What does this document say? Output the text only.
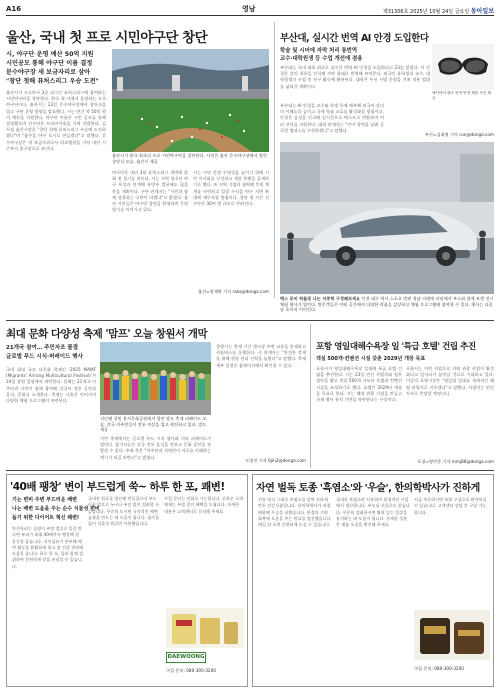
A16	영남	제31306호 2025년 10월 24일 금요일 동아일보
울산, 국내 첫 프로 시민야구단 창단
시, 야구단 운영 예산 50억 지원
시민공모 통해 야구단 이름 결정
문수야구장 새 보금자리로 삼아
"창단 첫해 퓨처스리그 우승 도전"
울산시가 프로야구 2군 리그인 퓨처스리그에 참여하는 시민야구단을 창단한다. 한국 첫 시에서 운영하는 프로야구단이다. 울산시는 23일 문수야구장에서 창단식을 열고 구단 운영 방향을 발표했다. 시는 연간 약 50억 원의 예산을 지원한다. 야구단 이름은 시민 공모를 통해 결정했으며 선수단은 트라이아웃을 거쳐 선발한다. 김두겸 울산시장은 "창단 첫해 퓨처스리그 우승에 도전하겠다"며 "울산을 야구 도시로 만들겠다"고 말했다. 문수야구장은 새 보금자리로서 리모델링을 거쳐 내년 시즌부터 홈구장으로 쓰인다.
울산시가 한국 최초의 프로 시민야구단을 창단한다. 사진은 울산 문수야구장에서 열린 창단식 모습. 울산시 제공
야구단은 내년 3월 퓨처스리그 개막에 맞춰 첫 경기를 치른다. 시는 지역 청소년 야구 육성과 연계해 유망주 발굴에도 힘을 쏟을 계획이다. 구단 관계자는 "시민과 함께 성장하는 구단이 되겠다"고 밝혔다. 울산 시민들은 야구단 창단을 환영하며 응원 열기를 이어가고 있다.
시는 구단 운영 투명성을 높이기 위해 시민 이사회를 구성하고 재정 현황을 공개하기로 했다. 또 지역 기업과 협력해 후원 체계를 마련하고 입장 수익을 야구 저변 확대에 재투자할 방침이다. 창단 첫 시즌 선수단은 30여 명 규모로 꾸려진다.
울산=정재락 기자 raks@donga.com
부산대, 실시간 번역 AI 안경 도입한다
학술 및 시어에 자막 처리 통번역
교수·대학원생 등 수업 개선에 겸용
부산대는 국내 대학 최초로 실시간 번역 AI 안경을 도입한다고 23일 밝혔다. 이 안경은 강의 내용을 인식해 자막 형태로 번역해 보여준다. 외국인 유학생과 교수, 대학원생의 수업 및 연구 활동에 활용된다. 대학은 우선 시범 운영을 거쳐 적용 범위를 넓혀갈 계획이다.
에이아이 렌즈 번역 안경 제품 사진 제공
부산대는 AI 안경을 교수와 학생 등에 배부해 외국어 강의의 이해도를 높이고 국제 학술 교류를 활성화할 방침이다. 안경은 음성을 인식해 실시간으로 텍스트로 변환하며 여러 언어를 지원한다. 대학 관계자는 "언어 장벽을 낮춰 글로벌 캠퍼스를 구현하겠다"고 말했다.
부산=김화영 기자 run@donga.com
맥스 포비 허들링 나는 지중학 구경꽤보세요 인천 대구 역사 스포츠 벌판 경남 의령에 마당에서 부스와 함께 보행 전시 체험 행사가 열린다. 방문객들은 야외 공간에서 다양한 작품을 감상하고 체험 프로그램에 참여할 수 있다. 행사는 다음 달 초까지 이어진다.
최대 문화 다양성 축제 '맘프' 오늘 창원서 개막
21개국 참여… 주민자조 물결
글로벌 푸드 시식·퍼레이드 행사
국내 최대 규모 다문화 축제인 '2025 MAMF (Migrants' Arirang Multicultural Festival)'가 24일 창원 일원에서 개막한다. 올해는 21개국 이주민과 시민이 함께 참여해 각국의 전통 공연과 음식, 문화를 소개한다. 축제는 사흘간 이어지며 다양한 체험 프로그램이 마련된다.
지난해 창원 용지문화공원에서 열린 맘프 축제 퍼레이드 모습. 각국 이주민들이 전통 의상을 입고 행진하고 있다. 맘프 제공
이번 축제에서는 글로벌 푸드 시식 행사와 거리 퍼레이드가 열린다. 참가자들은 각국 전통 음식을 맛보고 문화 공연을 관람할 수 있다. 주최 측은 "이주민과 지역민이 서로를 이해하는 계기가 되길 바란다"고 밝혔다.
창원시는 축제 기간 행사장 주변 교통을 통제하고 셔틀버스를 운행한다. 시 관계자는 "안전한 축제를 위해 현장 관리 인력을 늘렸다"고 말했다. 축제 세부 일정은 홈페이지에서 확인할 수 있다.
도영진 기자 0jin2@donga.com
포항 영일대해수욕장 일 '특급 호텔' 건립 추진
객실 500개·컨벤션 시설 갖춘 2029년 개장 목표
포항시가 영일대해수욕장 일대에 특급 호텔 건립을 추진한다. 시는 23일 민간 사업자와 업무협약을 맺고 객실 500개 규모의 호텔과 컨벤션 시설을 조성하기로 했다. 호텔은 2029년 개장을 목표로 한다. 시는 해양 관광 거점을 만들고 국제 행사 유치 기반을 마련한다는 구상이다.
포항시는 이번 사업으로 지역 관광 산업이 활성화되고 일자리가 늘어날 것으로 기대하고 있다. 이강덕 포항시장은 "영일대 일대를 세계적인 해양 관광지로 키우겠다"고 말했다. 사업비는 민간 투자로 충당할 예정이다.
포항=명민준 기자 mmj86@donga.com
'40배 팽창' 변이 부드럽게 쑥~ 하루 한 포, 쾌변!
기는 변비 주변 부드러운 배변
나는 배변 도움을 주는 순수 식물성 변비
돕기 위한 다이어트 혁신 쾌변!
차전자피는 질경이 씨앗 껍질로 물을 만나면 부피가 최대 40배까지 팽창해 장 운동을 돕습니다. 식이섬유가 풍부해 배변 활동을 원활하게 하고 장 건강 관리에 도움을 줍니다. 하루 한 포, 물과 함께 섭취하면 간편하게 장을 관리할 수 있습니다.
국내산 원료를 엄선해 만들었으며 부드러운 맛으로 누구나 부담 없이 섭취할 수 있습니다. 꾸준히 드시면 규칙적인 배변 습관을 만드는 데 도움이 됩니다. 첨가물 없이 식물성 원료만 사용했습니다.
구입 문의는 전화로 가능합니다. 선착순 고객에게는 특별 할인 혜택을 드립니다. 자세한 내용은 고객센터로 문의해 주세요.
DAEWOONG
구입 문의: 080-300-3200
자연 벌독 토종 '흑염소'와 '우슬', 한의학박사가 진하게
전통 방식 그대로 흑염소를 달여 진하게 만든 건강식품입니다. 한의학박사가 직접 배합해 우슬을 더했습니다. 관절과 기력 회복에 도움을 주는 원료를 엄선했습니다. 매일 한 포씩 간편하게 드실 수 있습니다.
국내산 흑염소만 사용하며 위생적인 시설에서 생산합니다. 부모님 선물로도 좋습니다. 꾸준히 섭취하시면 활력 있는 일상을 유지하는 데 도움이 됩니다. 자세한 성분은 제품 포장을 확인해 주세요.
지금 주문하시면 특별 구성으로 받아보실 수 있습니다. 고객센터 상담 후 구입 가능합니다.
구입 문의: 080-300-3200
